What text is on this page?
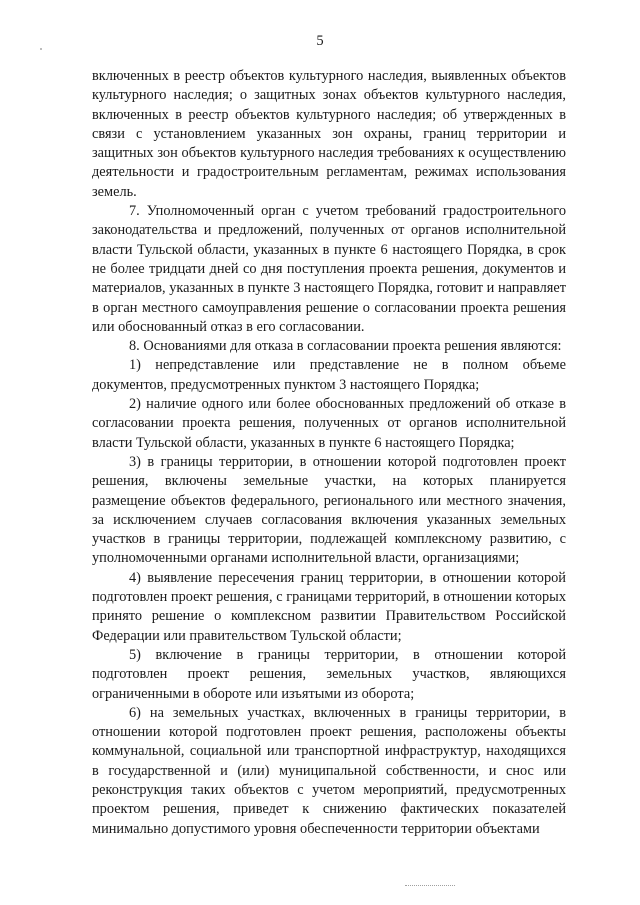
5

включенных в реестр объектов культурного наследия, выявленных объектов культурного наследия; о защитных зонах объектов культурного наследия, включенных в реестр объектов культурного наследия; об утвержденных в связи с установлением указанных зон охраны, границ территории и защитных зон объектов культурного наследия требованиях к осуществлению деятельности и градостроительным регламентам, режимах использования земель.

7. Уполномоченный орган с учетом требований градостроительного законодательства и предложений, полученных от органов исполнительной власти Тульской области, указанных в пункте 6 настоящего Порядка, в срок не более тридцати дней со дня поступления проекта решения, документов и материалов, указанных в пункте 3 настоящего Порядка, готовит и направляет в орган местного самоуправления решение о согласовании проекта решения или обоснованный отказ в его согласовании.

8. Основаниями для отказа в согласовании проекта решения являются:

1) непредставление или представление не в полном объеме документов, предусмотренных пунктом 3 настоящего Порядка;

2) наличие одного или более обоснованных предложений об отказе в согласовании проекта решения, полученных от органов исполнительной власти Тульской области, указанных в пункте 6 настоящего Порядка;

3) в границы территории, в отношении которой подготовлен проект решения, включены земельные участки, на которых планируется размещение объектов федерального, регионального или местного значения, за исключением случаев согласования включения указанных земельных участков в границы территории, подлежащей комплексному развитию, с уполномоченными органами исполнительной власти, организациями;

4) выявление пересечения границ территории, в отношении которой подготовлен проект решения, с границами территорий, в отношении которых принято решение о комплексном развитии Правительством Российской Федерации или правительством Тульской области;

5) включение в границы территории, в отношении которой подготовлен проект решения, земельных участков, являющихся ограниченными в обороте или изъятыми из оборота;

6) на земельных участках, включенных в границы территории, в отношении которой подготовлен проект решения, расположены объекты коммунальной, социальной или транспортной инфраструктур, находящихся в государственной и (или) муниципальной собственности, и снос или реконструкция таких объектов с учетом мероприятий, предусмотренных проектом решения, приведет к снижению фактических показателей минимально допустимого уровня обеспеченности территории объектами
